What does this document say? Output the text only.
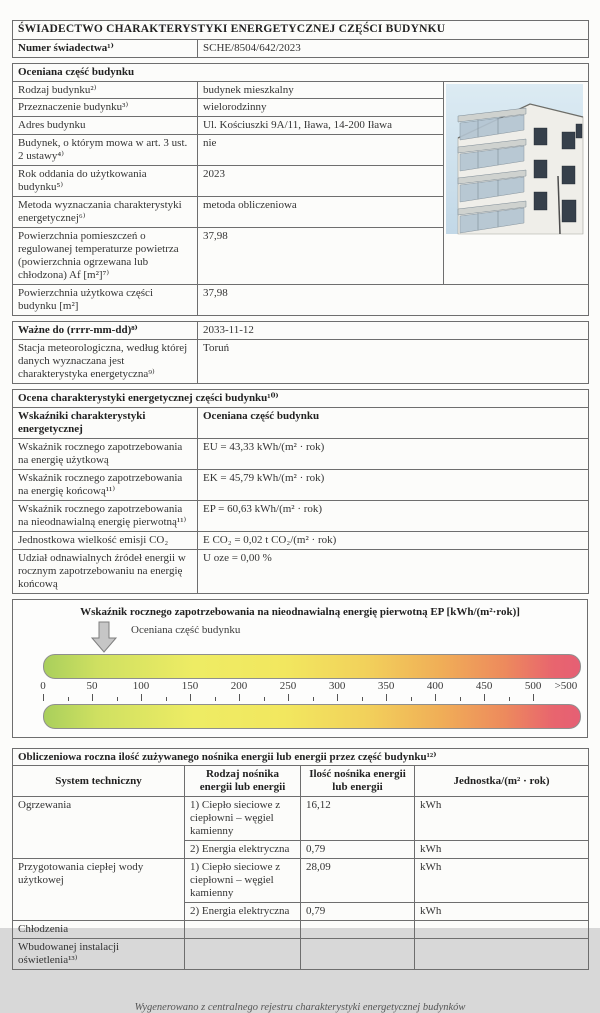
ŚWIADECTWO CHARAKTERYSTYKI ENERGETYCZNEJ CZĘŚCI BUDYNKU
Numer świadectwa¹⁾	SCHE/8504/642/2023
Oceniana część budynku		
Rodzaj budynku²⁾	budynek mieszkalny	

Przeznaczenie budynku³⁾	wielorodzinny	
Adres budynku	Ul. Kościuszki 9A/11, Iława, 14-200 Iława	
Budynek, o którym mowa w art. 3 ust. 2 ustawy⁴⁾	nie	
Rok oddania do użytkowania budynku⁵⁾	2023	
Metoda wyznaczania charakterystyki energetycznej⁶⁾	metoda obliczeniowa	
Powierzchnia pomieszczeń o regulowanej temperaturze powietrza (powierzchnia ogrzewana lub chłodzona) Af [m²]⁷⁾	37,98	
Powierzchnia użytkowa części budynku [m²]	37,98	
Ważne do (rrrr-mm-dd)⁸⁾	2033-11-12
Stacja meteorologiczna, według której danych wyznaczana jest charakterystyka energetyczna⁹⁾	Toruń
Ocena charakterystyki energetycznej części budynku¹⁰⁾	
Wskaźniki charakterystyki energetycznej	Oceniana część budynku
Wskaźnik rocznego zapotrzebowania na energię użytkową	EU = 43,33 kWh/(m² · rok)
Wskaźnik rocznego zapotrzebowania na energię końcową¹¹⁾	EK = 45,79 kWh/(m² · rok)
Wskaźnik rocznego zapotrzebowania na nieodnawialną energię pierwotną¹¹⁾	EP = 60,63 kWh/(m² · rok)
Jednostkowa wielkość emisji CO₂	E CO₂ = 0,02 t CO₂/(m² · rok)
Udział odnawialnych źródeł energii w rocznym zapotrzebowaniu na energię końcową	U oze = 0,00 %
Wskaźnik rocznego zapotrzebowania na nieodnawialną energię pierwotną EP [kWh/(m²·rok)]
Oceniana część budynku
0	50	100	150	200	250	300	350	400	450	500 >500
Obliczeniowa roczna ilość zużywanego nośnika energii lub energii przez część budynku¹²⁾			
System techniczny	Rodzaj nośnika energii lub energii	Ilość nośnika energii lub energii	Jednostka/(m² · rok)
Ogrzewania	1) Ciepło sieciowe z ciepłowni – węgiel kamienny	16,12	kWh
	2) Energia elektryczna	0,79	kWh
Przygotowania ciepłej wody użytkowej	1) Ciepło sieciowe z ciepłowni – węgiel kamienny	28,09	kWh
	2) Energia elektryczna	0,79	kWh
Chłodzenia			
Wbudowanej instalacji oświetlenia¹³⁾			
Wygenerowano z centralnego rejestru charakterystyki energetycznej budynków
